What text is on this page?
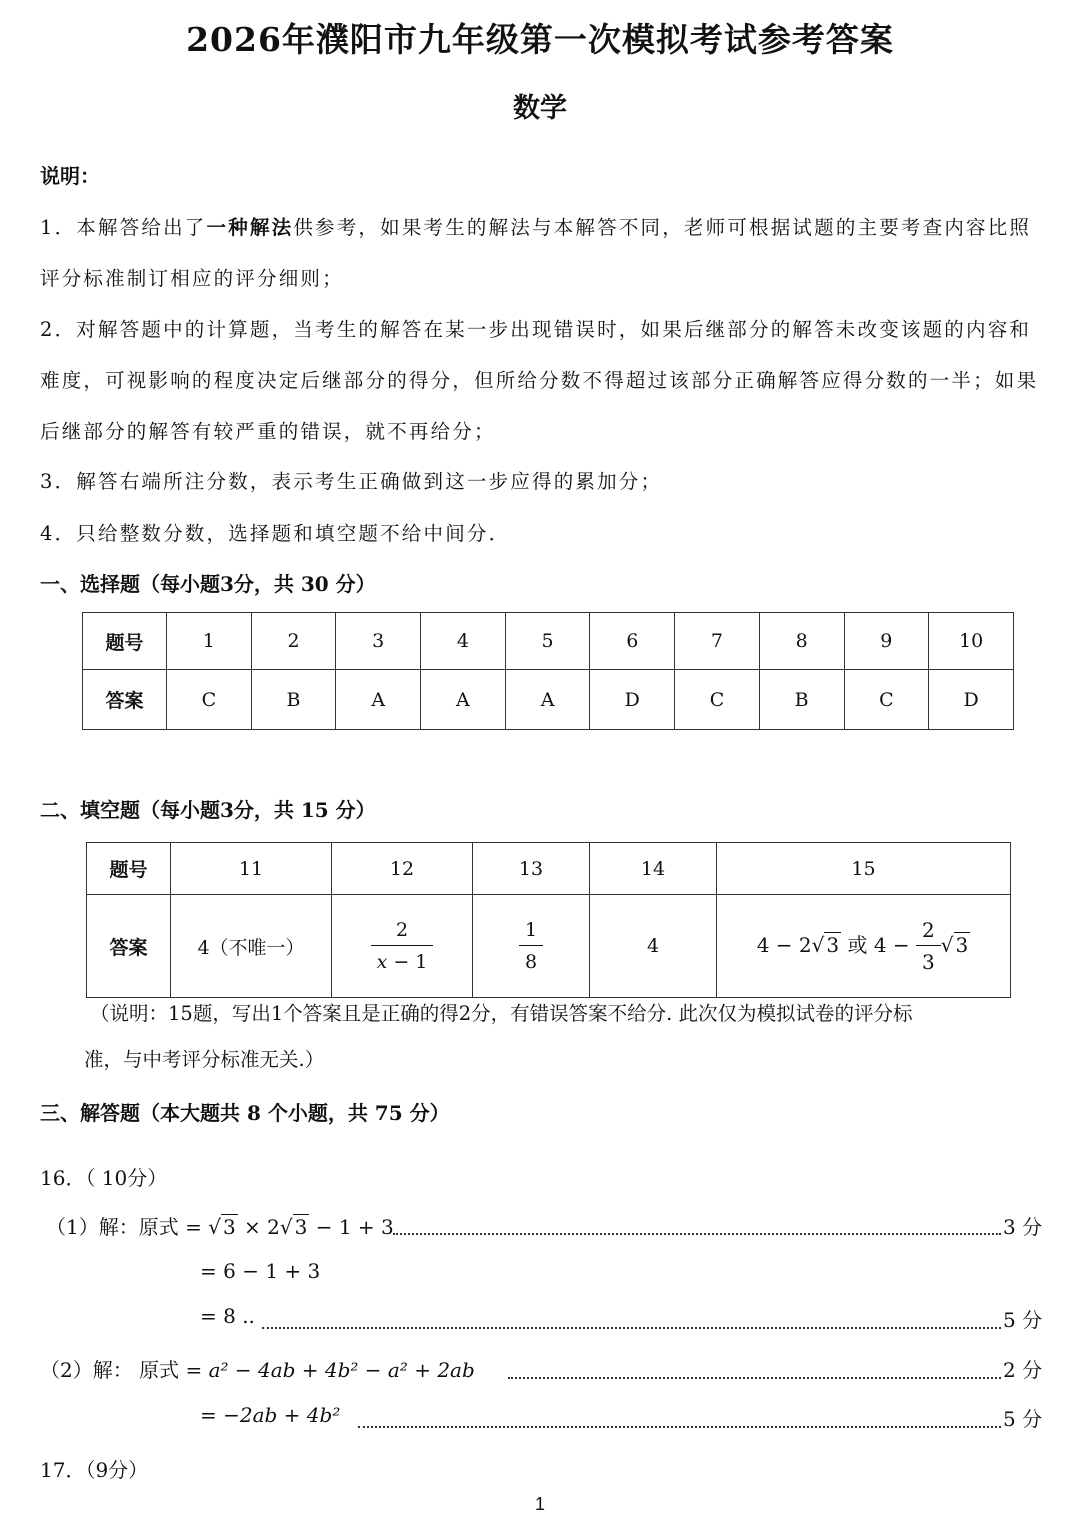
2026年濮阳市九年级第一次模拟考试参考答案
数学
说明：
1．本解答给出了一种解法供参考，如果考生的解法与本解答不同，老师可根据试题的主要考查内容比照评分标准制订相应的评分细则；
2．对解答题中的计算题，当考生的解答在某一步出现错误时，如果后继部分的解答未改变该题的内容和难度，可视影响的程度决定后继部分的得分，但所给分数不得超过该部分正确解答应得分数的一半；如果后继部分的解答有较严重的错误，就不再给分；
3．解答右端所注分数，表示考生正确做到这一步应得的累加分；
4．只给整数分数，选择题和填空题不给中间分．
一、选择题（每小题3分，共 30 分）
题号	1	2	3	4	5	6	7	8	9	10
答案	C	B	A	A	A	D	C	B	C	D
二、填空题（每小题3分，共 15 分）
题号	11	12	13	14	15
答案	4（不唯一）	$\frac{2}{x - 1}$	$\frac{1}{8}$	4	4 − 2√ 3 或 $4 - \frac{2}{3}$ √ 3
（说明：15题，写出1个答案且是正确的得2分，有错误答案不给分. 此次仅为模拟试卷的评分标
准，与中考评分标准无关.）
三、解答题（本大题共 8 个小题，共 75 分）
16．（ 10分）
（1）解：原式 = √ 3 × 2√ 3 − 1 + 3	3 分
= 6 − 1 + 3
= 8 ..	5 分
（2）解： 原式 = a² − 4ab + 4b² − a² + 2ab	2 分
= −2ab + 4b²	5 分
17．（9分）
1
